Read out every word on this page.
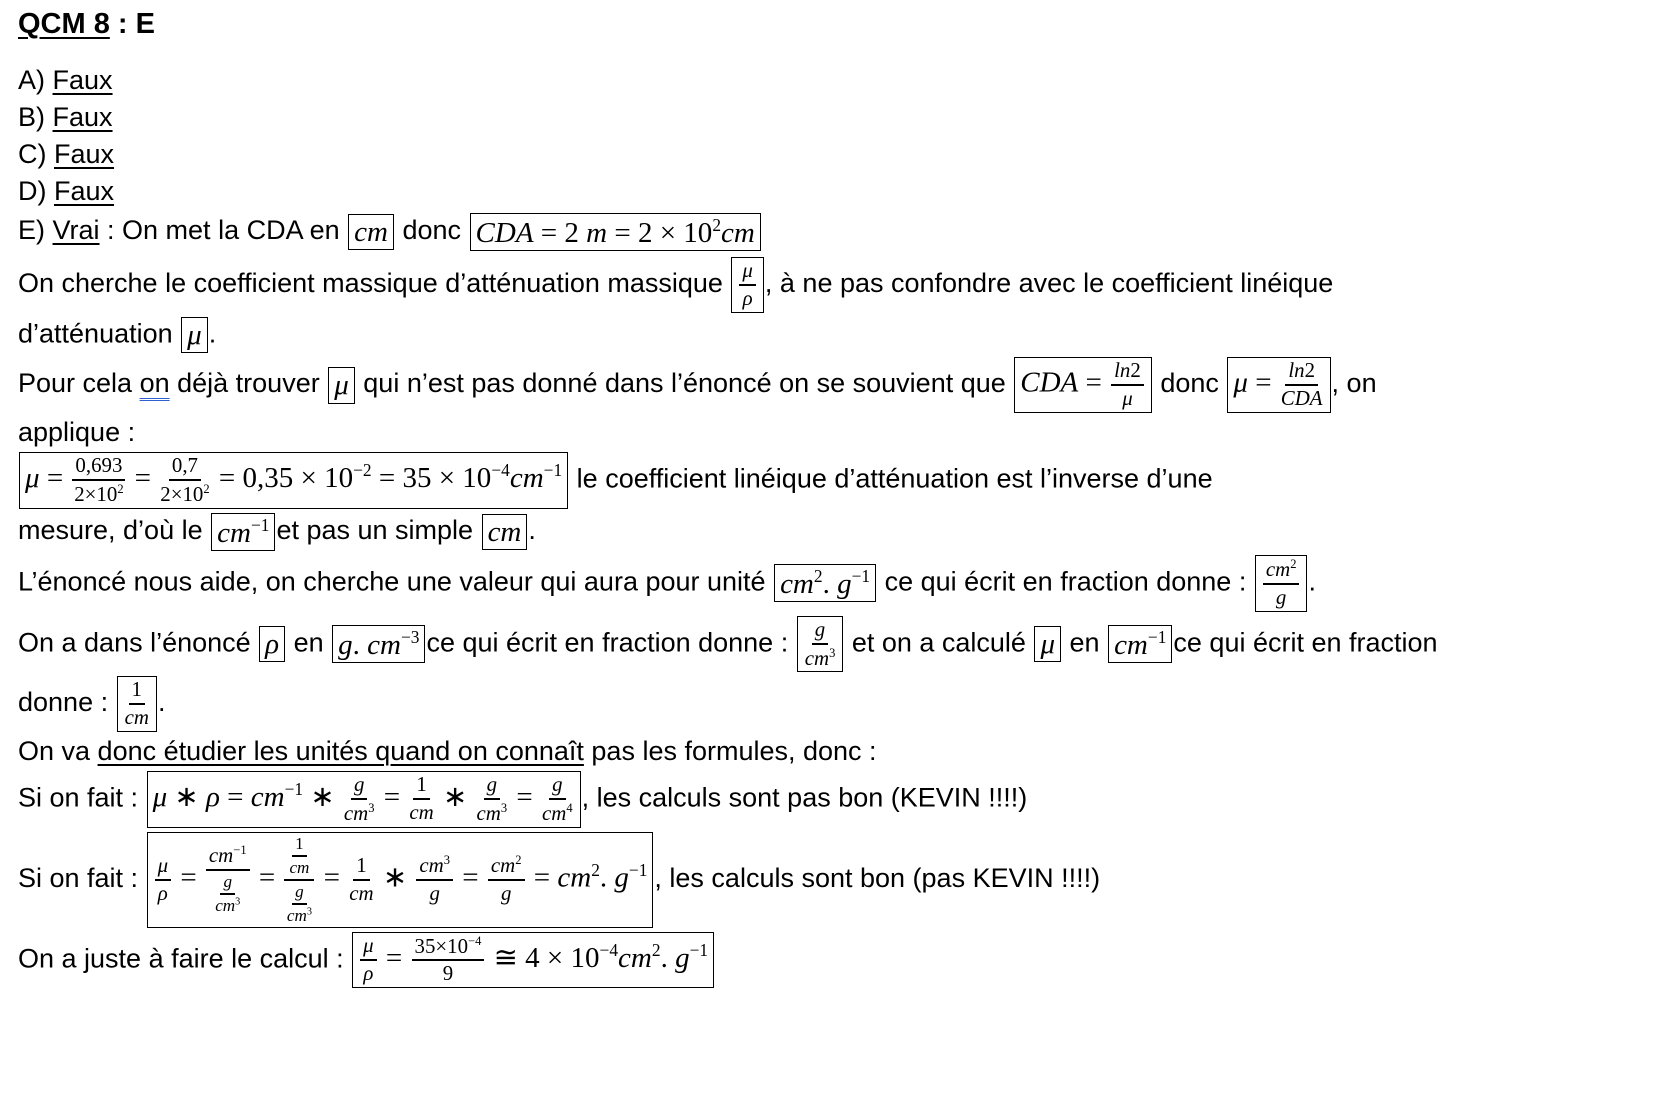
QCM 8 : E
A) Faux
B) Faux
C) Faux
D) Faux
E) Vrai : On met la CDA en cm donc CDA = 2 $m = 2 \times 10^2cm$
On cherche le coefficient massique d’atténuation massique $\frac{\mu}{\rho}$ , à ne pas confondre avec le coefficient linéique
d’atténuation μ .
Pour cela on déjà trouver μ qui n’est pas donné dans l’énoncé on se souvient que CDA = $\frac{\ln 2}{\mu}$ donc $\mu = \frac{\ln 2}{\text{CDA}}$ , on
applique :
$\mu = \frac{0,693}{2\times 10^2} = \frac{0,7}{2\times 10^2} = 0,35 \times 10^{-2} = 35 \times 10^{-4}cm^{-1}$ le coefficient linéique d’atténuation est l’inverse d’une
mesure, d’où le $cm^{-1}$ et pas un simple cm .
L’énoncé nous aide, on cherche une valeur qui aura pour unité $cm^2$. $g^{-1}$ ce qui écrit en fraction donne : $\frac{cm^2}{g}$ .
On a dans l’énoncé ρ en g. $cm^{-3}$ ce qui écrit en fraction donne : $\frac{g}{cm^3}$ et on a calculé μ en $cm^{-1}$ ce qui écrit en fraction
donne : $\frac{1}{cm}$ .
On va donc étudier les unités quand on connaît pas les formules, donc :
Si on fait : μ ∗ $\rho = cm^{-1}$ ∗ $\frac{g}{cm^3} = \frac{1}{cm}$ ∗ $\frac{g}{cm^3} = \frac{g}{cm^4}$ , les calculs sont pas bon (KEVIN !!!!)
Si on fait : $\frac{\mu}{\rho} = \frac{cm^{-1}}{\frac{g}{cm^3}} = \frac{\frac{1}{cm}}{\frac{g}{cm^3}} = \frac{1}{cm}$ ∗ $\frac{cm^3}{g} = \frac{cm^2}{g} = cm^2$. $g^{-1}$ , les calculs sont bon (pas KEVIN !!!!)
On a juste à faire le calcul : $\frac{\mu}{\rho} = \frac{35\times 10^{-4}}{9}$ ≅ $4 \times 10^{-4}cm^2$. $g^{-1}$
